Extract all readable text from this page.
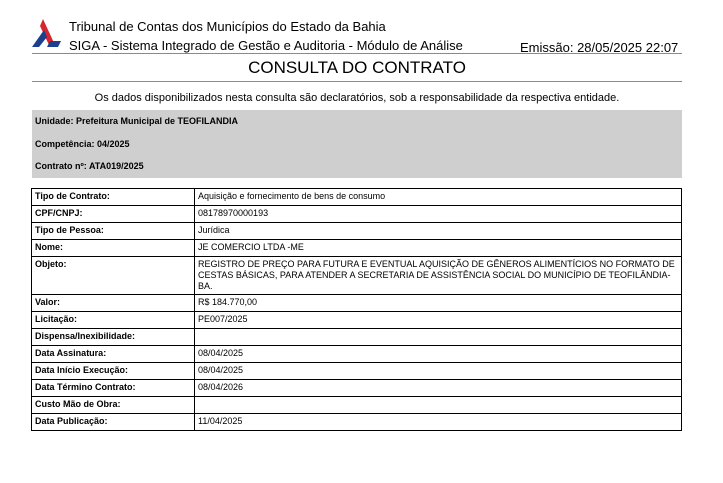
Tribunal de Contas dos Municípios do Estado da Bahia
SIGA - Sistema Integrado de Gestão e Auditoria - Módulo de Análise	Emissão: 28/05/2025 22:07
CONSULTA DO CONTRATO
Os dados disponibilizados nesta consulta são declaratórios, sob a responsabilidade da respectiva entidade.
Unidade: Prefeitura Municipal de TEOFILANDIA
Competência: 04/2025
Contrato nº: ATA019/2025
Tipo de Contrato:	Aquisição e fornecimento de bens de consumo
CPF/CNPJ:	08178970000193
Tipo de Pessoa:	Jurídica
Nome:	JE COMERCIO LTDA -ME
Objeto:	REGISTRO DE PREÇO PARA FUTURA E EVENTUAL AQUISIÇÃO DE GÊNEROS ALIMENTÍCIOS NO FORMATO DE CESTAS BÁSICAS, PARA ATENDER A SECRETARIA DE ASSISTÊNCIA SOCIAL DO MUNICÍPIO DE TEOFILÂNDIA-BA.
Valor:	R$ 184.770,00
Licitação:	PE007/2025
Dispensa/Inexibilidade:	
Data Assinatura:	08/04/2025
Data Início Execução:	08/04/2025
Data Término Contrato:	08/04/2026
Custo Mão de Obra:	
Data Publicação:	11/04/2025
